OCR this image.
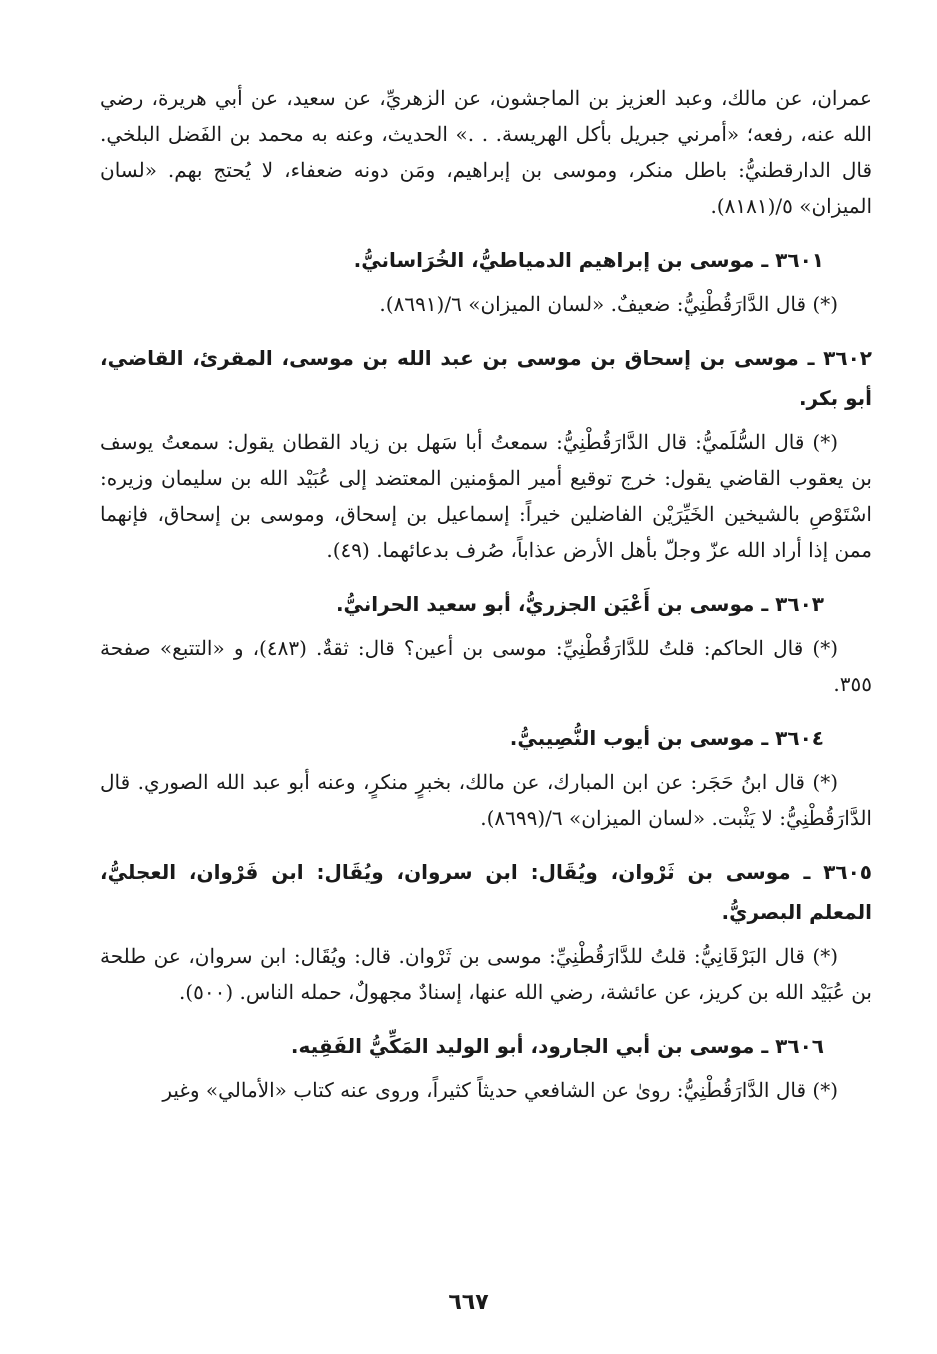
عمران، عن مالك، وعبد العزيز بن الماجشون، عن الزهريِّ، عن سعيد، عن أبي هريرة، رضي الله عنه، رفعه؛ «أمرني جبريل بأكل الهريسة. . .» الحديث، وعنه به محمد بن الفَضل البلخي. قال الدارقطنيُّ: باطل منكر، وموسى بن إبراهيم، ومَن دونه ضعفاء، لا يُحتج بهم. «لسان الميزان» ٥/(٨١٨١).

٣٦٠١ ـ موسى بن إبراهيم الدمياطيُّ، الخُرَاسانيُّ.

(*) قال الدَّارَقُطْنِيُّ: ضعيفٌ. «لسان الميزان» ٦/(٨٦٩١).

٣٦٠٢ ـ موسى بن إسحاق بن موسى بن عبد الله بن موسى، المقرئ، القاضي، أبو بكر.

(*) قال السُّلَميُّ: قال الدَّارَقُطْنِيُّ: سمعتُ أبا سَهل بن زياد القطان يقول: سمعتُ يوسف بن يعقوب القاضي يقول: خرج توقيع أمير المؤمنين المعتضد إلى عُبَيْد الله بن سليمان وزيره: اسْتَوْصِ بالشيخين الخَيِّرَيْن الفاضلين خيراً: إسماعيل بن إسحاق، وموسى بن إسحاق، فإنهما ممن إذا أراد الله عزّ وجلّ بأهل الأرض عذاباً، صُرف بدعائهما. (٤٩).

٣٦٠٣ ـ موسى بن أَعْيَن الجزريُّ، أبو سعيد الحرانيُّ.

(*) قال الحاكم: قلتُ للدَّارَقُطْنِيِّ: موسى بن أعين؟ قال: ثقةٌ. (٤٨٣)، و «التتبع» صفحة ٣٥٥.

٣٦٠٤ ـ موسى بن أيوب النُّصِيبيُّ.

(*) قال ابنُ حَجَر: عن ابن المبارك، عن مالك، بخبرٍ منكرٍ، وعنه أبو عبد الله الصوري. قال الدَّارَقُطْنِيُّ: لا يَثْبت. «لسان الميزان» ٦/(٨٦٩٩).

٣٦٠٥ ـ موسى بن ثَرْوان، ويُقَال: ابن سروان، ويُقَال: ابن فَرْوان، العجليُّ، المعلم البصريُّ.

(*) قال البَرْقَانِيُّ: قلتُ للدَّارَقُطْنِيِّ: موسى بن ثَرْوان. قال: ويُقَال: ابن سروان، عن طلحة بن عُبَيْد الله بن كريز، عن عائشة، رضي الله عنها، إسنادٌ مجهولٌ، حمله الناس. (٥٠٠).

٣٦٠٦ ـ موسى بن أبي الجارود، أبو الوليد المَكِّيُّ الفَقِيه.

(*) قال الدَّارَقُطْنِيُّ: روىٰ عن الشافعي حديثاً كثيراً، وروى عنه كتاب «الأمالي» وغير

٦٦٧
